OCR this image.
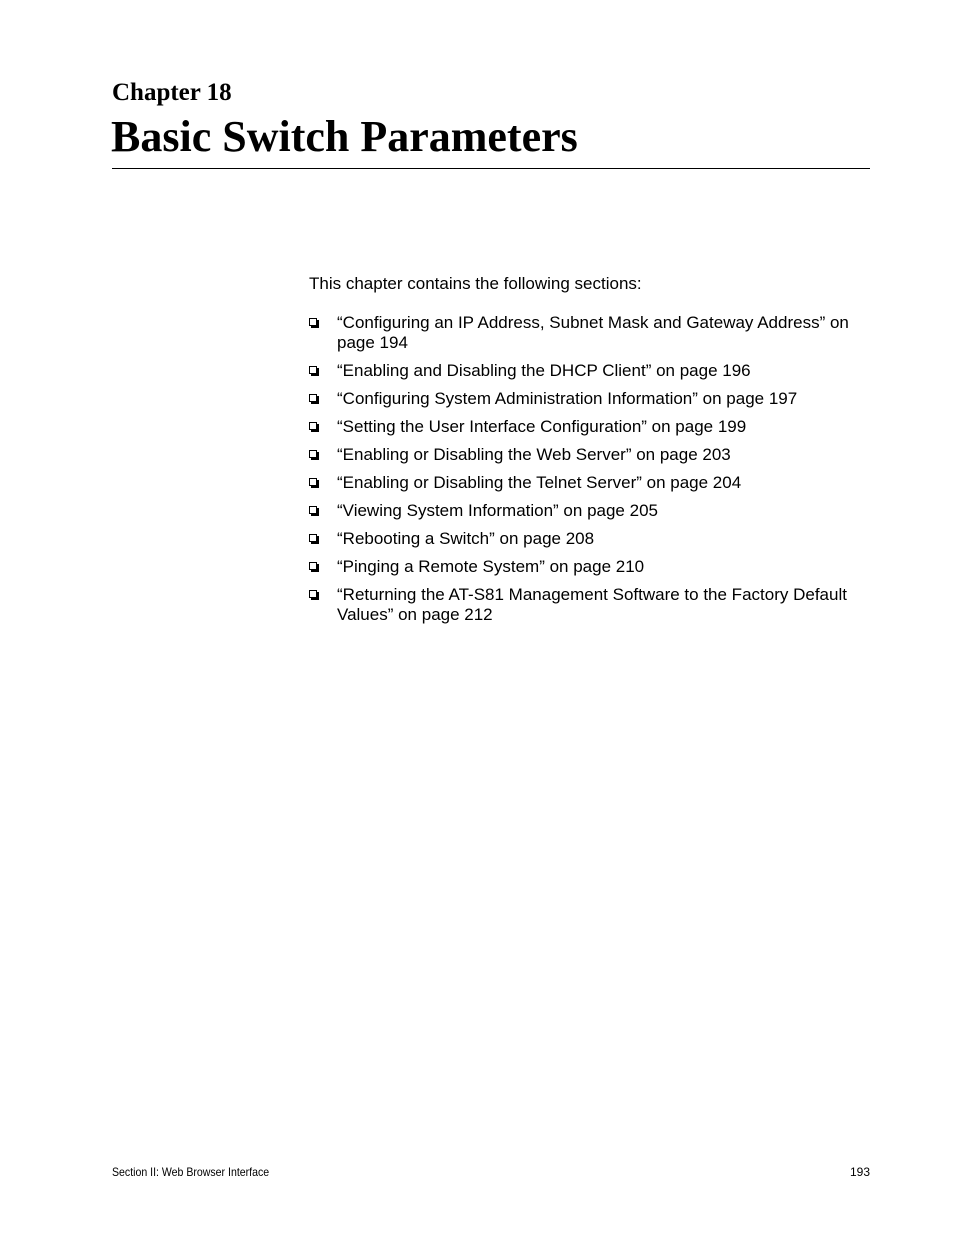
Chapter 18
Basic Switch Parameters

This chapter contains the following sections:

“Configuring an IP Address, Subnet Mask and Gateway Address” on page 194
“Enabling and Disabling the DHCP Client” on page 196
“Configuring System Administration Information” on page 197
“Setting the User Interface Configuration” on page 199
“Enabling or Disabling the Web Server” on page 203
“Enabling or Disabling the Telnet Server” on page 204
“Viewing System Information” on page 205
“Rebooting a Switch” on page 208
“Pinging a Remote System” on page 210
“Returning the AT-S81 Management Software to the Factory Default Values” on page 212
Section II: Web Browser Interface	193
